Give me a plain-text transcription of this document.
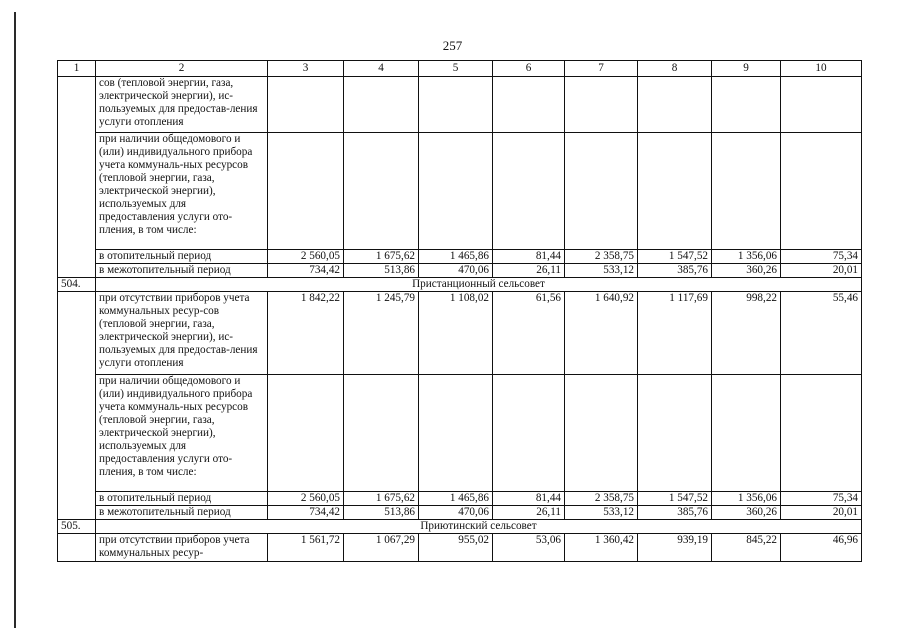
257
1	2	3	4	5	6	7	8	9	10
	сов (тепловой энергии, газа, электрической энергии), ис-пользуемых для предостав-ления услуги отопления								
	при наличии общедомового и (или) индивидуального прибора учета коммуналь-ных ресурсов (тепловой энергии, газа, электрической энергии), используемых для предоставления услуги ото-пления, в том числе:								
	в отопительный период	2 560,05	1 675,62	1 465,86	81,44	2 358,75	1 547,52	1 356,06	75,34
	в межотопительный период	734,42	513,86	470,06	26,11	533,12	385,76	360,26	20,01
504.	Пристанционный сельсовет								
	при отсутствии приборов учета коммунальных ресур-сов (тепловой энергии, газа, электрической энергии), ис-пользуемых для предостав-ления услуги отопления	1 842,22	1 245,79	1 108,02	61,56	1 640,92	1 117,69	998,22	55,46
	при наличии общедомового и (или) индивидуального прибора учета коммуналь-ных ресурсов (тепловой энергии, газа, электрической энергии), используемых для предоставления услуги ото-пления, в том числе:								
	в отопительный период	2 560,05	1 675,62	1 465,86	81,44	2 358,75	1 547,52	1 356,06	75,34
	в межотопительный период	734,42	513,86	470,06	26,11	533,12	385,76	360,26	20,01
505.	Приютинский сельсовет								
	при отсутствии приборов учета коммунальных ресур-	1 561,72	1 067,29	955,02	53,06	1 360,42	939,19	845,22	46,96
